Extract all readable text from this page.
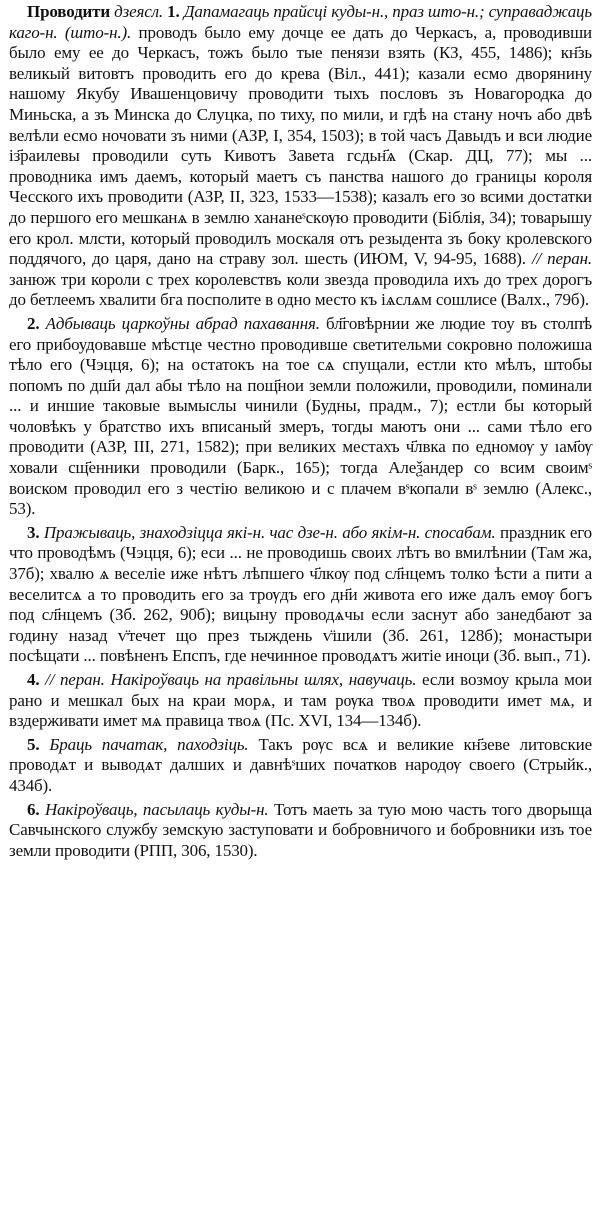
Проводити дзеясл. 1. Дапамагаць прайсці куды-н., праз што-н.; суправаджаць каго-н. (што-н.). проводъ было ему дочце ее дать до Черкасъ, а, проводивши было ему ее до Черкасъ, тожъ было тые пенязи взять (КЗ, 455, 1486); кн҃зь великый витовтъ проводить его до крева (Віл., 441); казали есмо дворянину нашому Якубу Ивашенцовичу проводити тыхъ пословъ зъ Новагородка до Миньска, а зъ Минска до Слуцка, по тиху, по мили, и гдѣ на стану ночъ або двѣ велѣли есмо ночовати зъ ними (АЗР, I, 354, 1503); в той часъ Давыдъ и вси людие із҃раилевы проводили суть Кивотъ Завета гсдьн҃ѧ (Скар. ДЦ, 77); мы ... проводника имъ даемъ, который маетъ съ панства нашого до границы короля Чесского ихъ проводити (АЗР, II, 323, 1533—1538); казалъ его зо всими достатки до першого его мешканѧ в землю хананеˢскѹю проводити (Біблія, 34); товарышу его крол. млсти, который проводилъ москаля отъ резыдента зъ боку кролевского поддячого, до царя, дано на страву зол. шесть (ИЮМ, V, 94-95, 1688). // перан. занюж три короли с трех королевствъ коли звезда проводила ихъ до трех дорогъ до бетлеемъ хвалити бга посполите в одно место къ іѧслѧм сошлисе (Валх., 79б).

2. Адбываць царкоўны абрад пахавання. бл҃говѣрнии же людие тоу въ столпѣ его прибоудовавше мѣстце честно проводивше светительми сокровно положиша тѣло его (Чэцця, 6); на остатокъ на тое сѧ спущали, естли кто мѣлъ, штобы попомъ по дш҃и дал абы тѣло на пощ҃нои земли положили, проводили, поминали ... и иншие таковые вымыслы чинили (Будны, прадм., 7); естли бы который чоловѣкъ у братство ихъ вписаный змеръ, тогды маютъ они ... сами тѣло его проводити (АЗР, III, 271, 1582); при великих местахъ ч҃лвка по едномѹ у ıам҃ѹ ховали сщ҃енники проводили (Барк., 165); тогда Алеѯандер со всим своимˢ воиском проводил его з честію великою и с плачем вˢкопали вˢ землю (Алекс., 53).

3. Пражываць, знаходзіцца які-н. час дзе-н. або якім-н. спосабам. праздник его что проводѣмъ (Чэцця, 6); еси ... не проводишь своих лѣтъ во вмилѣнии (Там жа, 37б); хвалю ѧ веселіе иже нѣтъ лѣпшего ч҃лкѹ под сл҃нцемъ толко ѣсти а пити а веселитсѧ а то проводить его за трѹдъ его дн҃и живота его иже далъ емѹ богъ под сл҃нцемъ (Зб. 262, 90б); вицыну проводѧчы если заснут або занедбают за годину назад ѵ̈течет що през тыждень ѵ̈шили (Зб. 261, 128б); монастыри посѣщати ... повѣненъ Епспъ, где нечинное проводѧтъ житіе иноци (Зб. вып., 71).

4. // перан. Накіроўваць на правільны шлях, навучаць. если возмоу крыла мои рано и мешкал бых на краи морѧ, и там рѹка твоѧ проводити имет мѧ, и вздерживати имет мѧ правица твоѧ (Пс. XVI, 134—134б).

5. Браць пачатак, паходзіць. Такъ рѹс всѧ и великие кн҃зеве литовские проводѧт и выводѧт далших и давнѣˢших початков народѹ своего (Стрыйк., 434б).

6. Накіроўваць, пасылаць куды-н. Тотъ маеть за тую мою часть того дворыща Савчынского службу земскую заступовати и бобровничого и бобровники изъ тое земли проводити (РПП, 306, 1530).
